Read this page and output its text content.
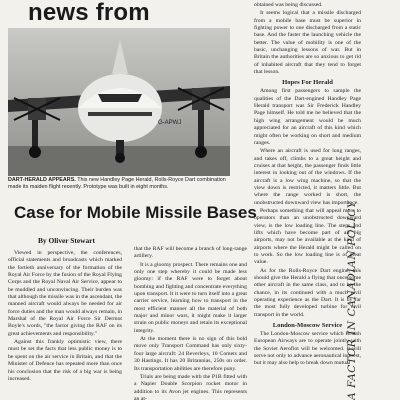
news from
G-APWJ
DART-HERALD APPEARS. This new Handley Page Herald, Rolls-Royce Dart combination made its maiden flight recently. Prototype was built in eight months.
Case for Mobile Missile Bases
By Oliver Stewart

Viewed in perspective, the conferences, official statements and broadcasts which marked the fortieth anniversary of the formation of the Royal Air Force by the fusion of the Royal Flying Corps and the Royal Naval Air Service, appear to be muddled and unconvincing. Their burden was that although the missile was in the ascendant, the manned aircraft would always be needed for air force duties and the man would always remain, in Marshal of the Royal Air Force Sir Dermot Boyle's words, "the factor giving the RAF on its great achievements and responsibility."

Against this frankly optimistic view, there must be set the facts that less public money is to be spent on the air service in Britain, and that the Minister of Defence has repeated more than once his conclusion that the risk of a big war is being increased.

that the RAF will become a branch of long-range artillery.

It is a gloomy prospect. There remains one and only one step whereby it could be made less gloomy: if the RAF were to forget about bombing and fighting and concentrate everything upon transport. It it were to turn itself into a great carrier service, learning how to transport in the most efficient manner all the material of both major and minor wars, it might make it larger strain on public moneys and retain its exceptional integrity.

At the moment there is no sign of this bold move only Transport Command has only sixty-four large aircraft: 24 Beverleys, 10 Comets and 30 Hastings. It has 20 Britannias, 250s on order. Its transportation abilities are therefore puny.

Trials are being made with the P1B fitted with a Napier Double Scorpion rocket motor in addition to its Avon jet engines. This represents an at-

obtained was being discussed.

It seems logical that a missile discharged from a mobile base must be superior in fighting power to one discharged from a static base. And the faster the launching vehicle the better. The value of mobility is one of the basic, unchanging lessons of war. But in Britain the authorities are so anxious to get rid of inhabited aircraft that they tend to forget that lesson.

Hopes For Herald

Among first passengers to sample the qualities of the Dart-engined Handley Page Herald transport was Sir Frederick Handley Page himself. He told me he believed that the high wing arrangement would be much appreciated for an aircraft of this kind which might often be working on short and medium ranges.

Where an aircraft is used for long ranges, and takes off, climbs to a great height and cruises at that height, the passenger finds little interest in looking out of the windows. If the aircraft is a low wing machine, so that the view down is restricted, it matters little. But where the range worked is short, the unobstructed downward view has importance.

Perhaps something that will appeal more to operators than an unobstructed downward view, is the low loading line. The steps and lifts which have become part of all big airports, may not be available at the kind of airports where the Herald might be called on to work. So the low loading line is of great value.

As for the Rolls-Royce Dart engine, this should give the Herald a flying that once some other aircraft in the same class, and to be the chance, in its continued with a much civil operating experience as the Dart. It is by far the most fully developed turbine for civil transport in the world.

London-Moscow Service

The London-Moscow service which British European Airways are to operate jointly with the Soviet Aeroflot will be welcomed. It will serve not only to advance aeronautical interest, but it may also help to break down mutual

A FACTOR IN CANADIAN POLICY
